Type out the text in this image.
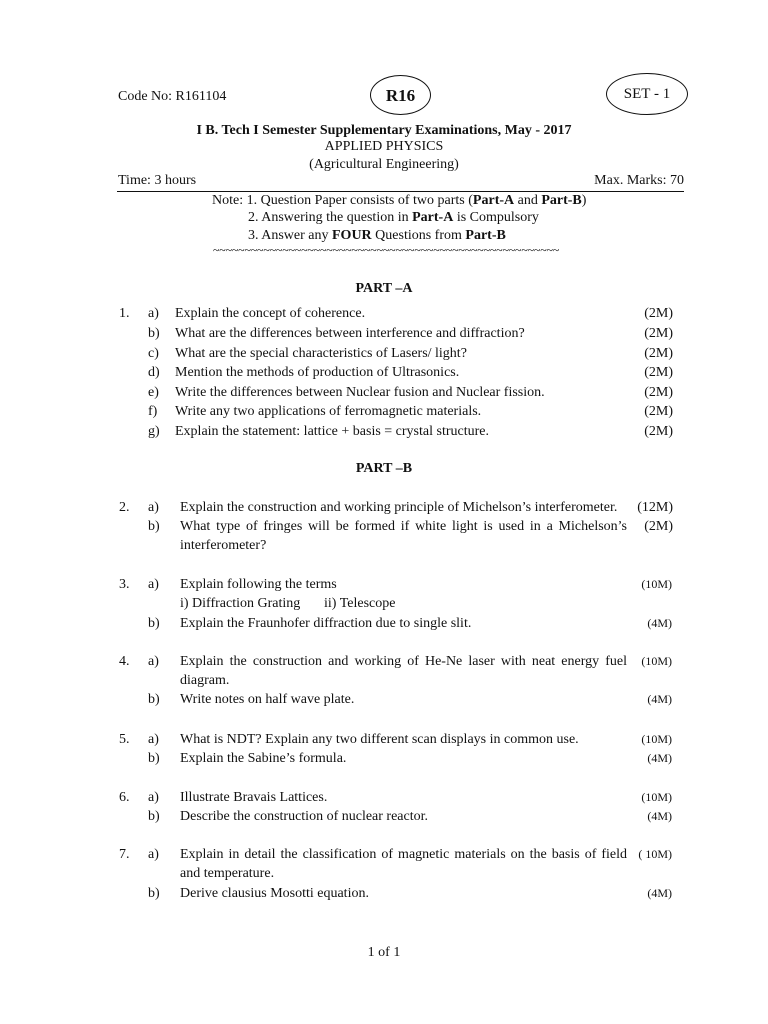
Code No: R161104	R16	SET - 1
I B. Tech I Semester Supplementary Examinations, May - 2017
APPLIED PHYSICS
(Agricultural Engineering)
Time: 3 hours	Max. Marks: 70
Note: 1. Question Paper consists of two parts (Part-A and Part-B)
2. Answering the question in Part-A is Compulsory
3. Answer any FOUR Questions from Part-B
~~~~~~~~~~~~~~~~~~~~~~~~~~~~~~~~~~~~~~~~~~~~~~~~~~~~~~~
PART –A
1. a) Explain the concept of coherence.	(2M)
b) What are the differences between interference and diffraction?	(2M)
c) What are the special characteristics of Lasers/ light?	(2M)
d) Mention the methods of production of Ultrasonics.	(2M)
e) Write the differences between Nuclear fusion and Nuclear fission.	(2M)
f) Write any two applications of ferromagnetic materials.	(2M)
g) Explain the statement: lattice + basis = crystal structure.	(2M)
PART –B
2. a) Explain the construction and working principle of Michelson’s interferometer.	(12M)
b) What type of fringes will be formed if white light is used in a Michelson’s interferometer?
(2M)
3. a) Explain following the terms	(10M)
i) Diffraction Grating ii) Telescope
b) Explain the Fraunhofer diffraction due to single slit.	(4M)
4. a) Explain the construction and working of He-Ne laser with neat energy fuel diagram.
(10M)
b) Write notes on half wave plate.	(4M)
5. a) What is NDT? Explain any two different scan displays in common use.	(10M)
b) Explain the Sabine’s formula.	(4M)
6. a) Illustrate Bravais Lattices.	(10M)
b) Describe the construction of nuclear reactor.	(4M)
7. a) Explain in detail the classification of magnetic materials on the basis of field and temperature.
( 10M)
b) Derive clausius Mosotti equation.	(4M)
1 of 1
